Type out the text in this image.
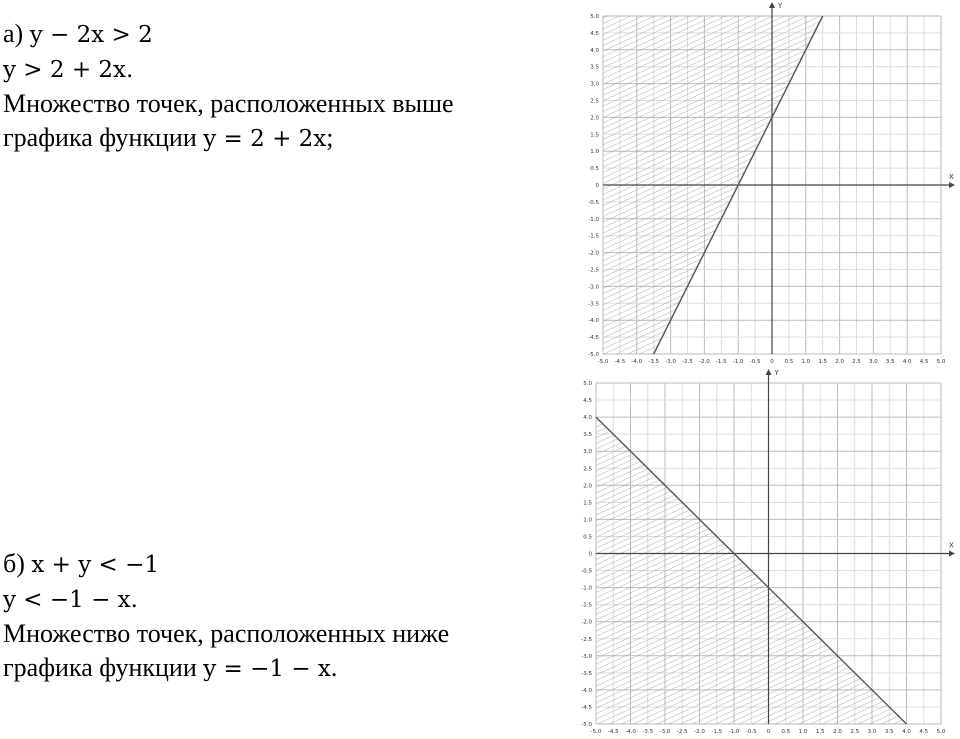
а) y − 2x > 2

y > 2 + 2x.

Множество точек, расположенных выше

графика функции y = 2 + 2x;

б) x + y < −1

y < −1 − x.

Множество точек, расположенных ниже

графика функции y = −1 − x.

X
Y
-5.0 -4.5 -4.0 -3.5 -3.0 -2.5 -2.0 -1.5 -1.0 -0.5 0 0.5 1.0 1.5 2.0 2.5 3.0 3.5 4.0 4.5 5.0
-5.0
-4.5
-4.0
-3.5
-3.0
-2.5
-2.0
-1.5
-1.0
-0.5
0
0.5
1.0
1.5
2.0
2.5
3.0
3.5
4.0
4.5
5.0
X
Y
-5.0 -4.5 -4.0 -3.5 -3.0 -2.5 -2.0 -1.5 -1.0 -0.5 0 0.5 1.0 1.5 2.0 2.5 3.0 3.5 4.0 4.5 5.0
-5.0
-4.5
-4.0
-3.5
-3.0
-2.5
-2.0
-1.5
-1.0
-0.5
0
0.5
1.0
1.5
2.0
2.5
3.0
3.5
4.0
4.5
5.0
